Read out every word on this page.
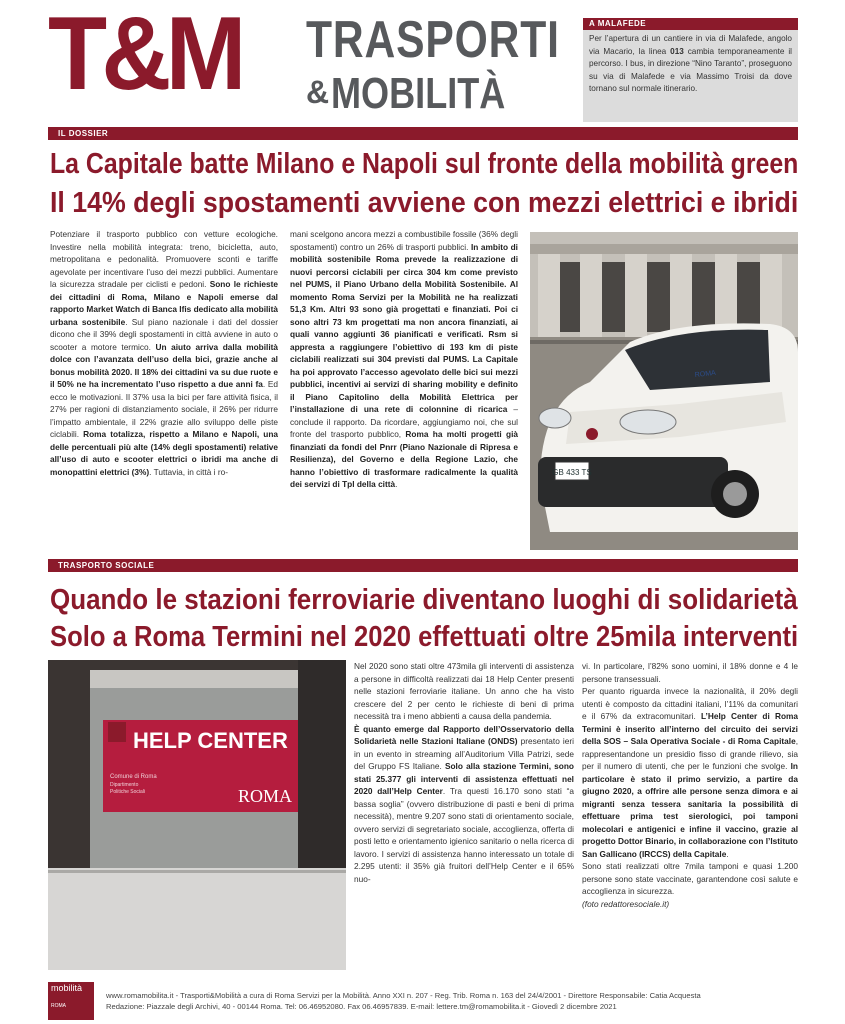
T&M TRASPORTI
& MOBILITÀ
A MALAFEDE
Per l’apertura di un cantiere in via di Malafede, angolo via Macario, la linea 013 cambia temporaneamente il percorso. I bus, in direzione “Nino Taranto”, proseguono su via di Malafede e via Massimo Troisi da dove tornano sul normale itinerario.
IL DOSSIER
La Capitale batte Milano e Napoli sul fronte della mobilità green
Il 14% degli spostamenti avviene con mezzi elettrici e ibridi
Potenziare il trasporto pubblico con vetture ecologiche. Investire nella mobilità integrata: treno, bicicletta, auto, metropolitana e pedonalità. Promuovere sconti e tariffe agevolate per incentivare l’uso dei mezzi pubblici. Aumentare la sicurezza stradale per ciclisti e pedoni. Sono le richieste dei cittadini di Roma, Milano e Napoli emerse dal rapporto Market Watch di Banca Ifis dedicato alla mobilità urbana sostenibile. Sul piano nazionale i dati del dossier dicono che il 39% degli spostamenti in città avviene in auto o scooter a motore termico. Un aiuto arriva dalla mobilità dolce con l’avanzata dell’uso della bici, grazie anche al bonus mobilità 2020. Il 18% dei cittadini va su due ruote e il 50% ne ha incrementato l’uso rispetto a due anni fa. Ed ecco le motivazioni. Il 37% usa la bici per fare attività fisica, il 27% per ragioni di distanziamento sociale, il 26% per ridurre l’impatto ambientale, il 22% grazie allo sviluppo delle piste ciclabili. Roma totalizza, rispetto a Milano e Napoli, una delle percentuali più alte (14% degli spostamenti) relative all’uso di auto e scooter elettrici o ibridi ma anche di monopattini elettrici (3%). Tuttavia, in città i ro-
mani scelgono ancora mezzi a combustibile fossile (36% degli spostamenti) contro un 26% di trasporti pubblici. In ambito di mobilità sostenibile Roma prevede la realizzazione di nuovi percorsi ciclabili per circa 304 km come previsto nel PUMS, il Piano Urbano della Mobilità Sostenibile. Al momento Roma Servizi per la Mobilità ne ha realizzati 51,3 Km. Altri 93 sono già progettati e finanziati. Poi ci sono altri 73 km progettati ma non ancora finanziati, ai quali vanno aggiunti 36 pianificati e verificati. Rsm si appresta a raggiungere l’obiettivo di 193 km di piste ciclabili realizzati sui 304 previsti dal PUMS. La Capitale ha poi approvato l’accesso agevolato delle bici sui mezzi pubblici, incentivi ai servizi di sharing mobility e definito il Piano Capitolino della Mobilità Elettrica per l’installazione di una rete di colonnine di ricarica – conclude il rapporto. Da ricordare, aggiungiamo noi, che sul fronte del trasporto pubblico, Roma ha molti progetti già finanziati da fondi del Pnrr (Piano Nazionale di Ripresa e Resilienza), del Governo e della Regione Lazio, che hanno l’obiettivo di trasformare radicalmente la qualità dei servizi di Tpl della città.
GB 433 TS
ROMA
TRASPORTO SOCIALE
Quando le stazioni ferroviarie diventano luoghi di solidarietà
Solo a Roma Termini nel 2020 effettuati oltre 25mila interventi
HELP CENTER
Comune di Roma
Dipartimento
Politiche Sociali	ROMA
Nel 2020 sono stati oltre 473mila gli interventi di assistenza a persone in difficoltà realizzati dai 18 Help Center presenti nelle stazioni ferroviarie italiane. Un anno che ha visto crescere del 2 per cento le richieste di beni di prima necessità tra i meno abbienti a causa della pandemia.
È quanto emerge dal Rapporto dell’Osservatorio della Solidarietà nelle Stazioni Italiane (ONDS) presentato ieri in un evento in streaming all’Auditorium Villa Patrizi, sede del Gruppo FS Italiane. Solo alla stazione Termini, sono stati 25.377 gli interventi di assistenza effettuati nel 2020 dall’Help Center. Tra questi 16.170 sono stati “a bassa soglia” (ovvero distribuzione di pasti e beni di prima necessità), mentre 9.207 sono stati di orientamento sociale, ovvero servizi di segretariato sociale, accoglienza, offerta di posti letto e orientamento igienico sanitario o nella ricerca di lavoro. I servizi di assistenza hanno interessato un totale di 2.295 utenti: il 35% già fruitori dell’Help Center e il 65% nuo-
vi. In particolare, l’82% sono uomini, il 18% donne e 4 le persone transessuali.
Per quanto riguarda invece la nazionalità, il 20% degli utenti è composto da cittadini italiani, l’11% da comunitari e il 67% da extracomunitari. L’Help Center di Roma Termini è inserito all’interno del circuito dei servizi della SOS – Sala Operativa Sociale - di Roma Capitale, rappresentandone un presidio fisso di grande rilievo, sia per il numero di utenti, che per le funzioni che svolge. In particolare è stato il primo servizio, a partire da giugno 2020, a offrire alle persone senza dimora e ai migranti senza tessera sanitaria la possibilità di effettuare prima test sierologici, poi tamponi molecolari e antigenici e infine il vaccino, grazie al progetto Dottor Binario, in collaborazione con l’Istituto San Gallicano (IRCCS) della Capitale.
Sono stati realizzati oltre 7mila tamponi e quasi 1.200 persone sono state vaccinate, garantendone così salute e accoglienza in sicurezza.
(foto redattoresociale.it)
mobilità
ROMA
www.romamobilita.it - Trasporti&Mobilità a cura di Roma Servizi per la Mobilità. Anno XXI n. 207 - Reg. Trib. Roma n. 163 del 24/4/2001 - Direttore Responsabile: Catia Acquesta
Redazione: Piazzale degli Archivi, 40 - 00144 Roma. Tel: 06.46952080. Fax 06.46957839. E-mail: lettere.tm@romamobilita.it - Giovedì 2 dicembre 2021
